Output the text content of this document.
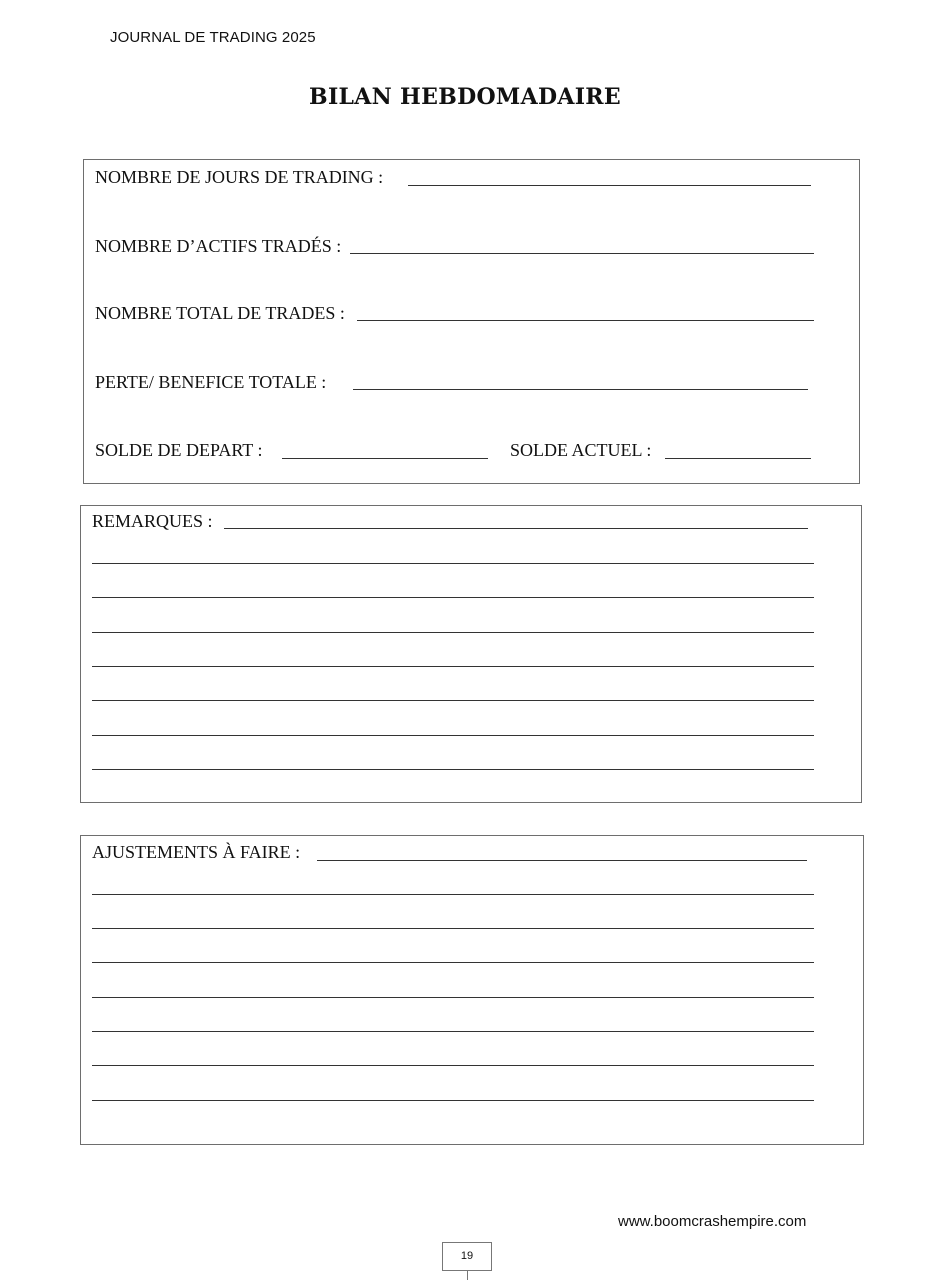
JOURNAL DE TRADING 2025
BILAN HEBDOMADAIRE
NOMBRE DE JOURS DE TRADING :
NOMBRE D’ACTIFS TRADÉS :
NOMBRE TOTAL DE TRADES :
PERTE/ BENEFICE TOTALE :
SOLDE DE DEPART :	SOLDE ACTUEL :
REMARQUES :
AJUSTEMENTS À FAIRE :
www.boomcrashempire.com
19
